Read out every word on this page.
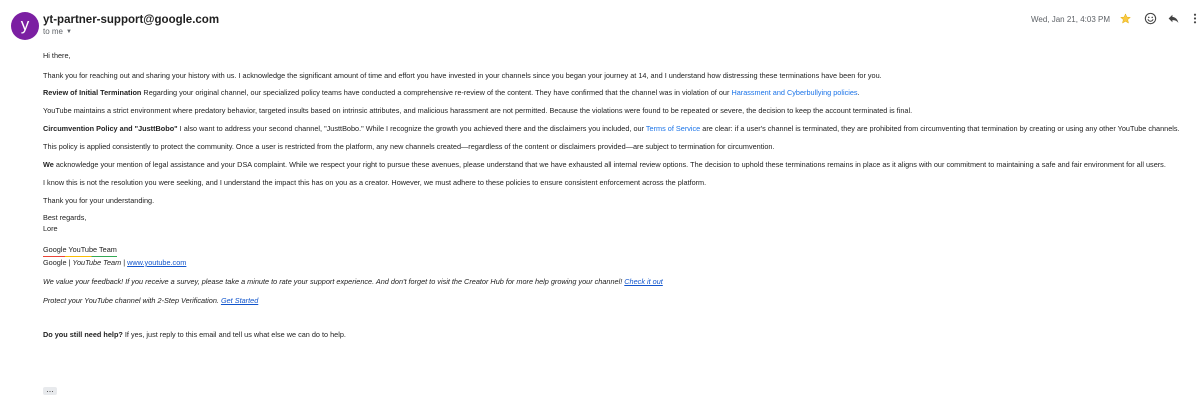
y	yt-partner-support@google.com
to me ▼
Wed, Jan 21, 4:03 PM

Hi there,

Thank you for reaching out and sharing your history with us. I acknowledge the significant amount of time and effort you have invested in your channels since you began your journey at 14, and I understand how distressing these terminations have been for you.

Review of Initial Termination Regarding your original channel, our specialized policy teams have conducted a comprehensive re-review of the content. They have confirmed that the channel was in violation of our Harassment and Cyberbullying policies.

YouTube maintains a strict environment where predatory behavior, targeted insults based on intrinsic attributes, and malicious harassment are not permitted. Because the violations were found to be repeated or severe, the decision to keep the account terminated is final.

Circumvention Policy and "JusttBobo" I also want to address your second channel, "JusttBobo." While I recognize the growth you achieved there and the disclaimers you included, our Terms of Service are clear: if a user's channel is terminated, they are prohibited from circumventing that termination by creating or using any other YouTube channels.

This policy is applied consistently to protect the community. Once a user is restricted from the platform, any new channels created—regardless of the content or disclaimers provided—are subject to termination for circumvention.

We acknowledge your mention of legal assistance and your DSA complaint. While we respect your right to pursue these avenues, please understand that we have exhausted all internal review options. The decision to uphold these terminations remains in place as it aligns with our commitment to maintaining a safe and fair environment for all users.

I know this is not the resolution you were seeking, and I understand the impact this has on you as a creator. However, we must adhere to these policies to ensure consistent enforcement across the platform.

Thank you for your understanding.

Best regards,

Lore

Google YouTube Team

Google | YouTube Team | www.youtube.com

We value your feedback! If you receive a survey, please take a minute to rate your support experience. And don't forget to visit the Creator Hub for more help growing your channel! Check it out

Protect your YouTube channel with 2-Step Verification. Get Started

Do you still need help? If yes, just reply to this email and tell us what else we can do to help.

...
